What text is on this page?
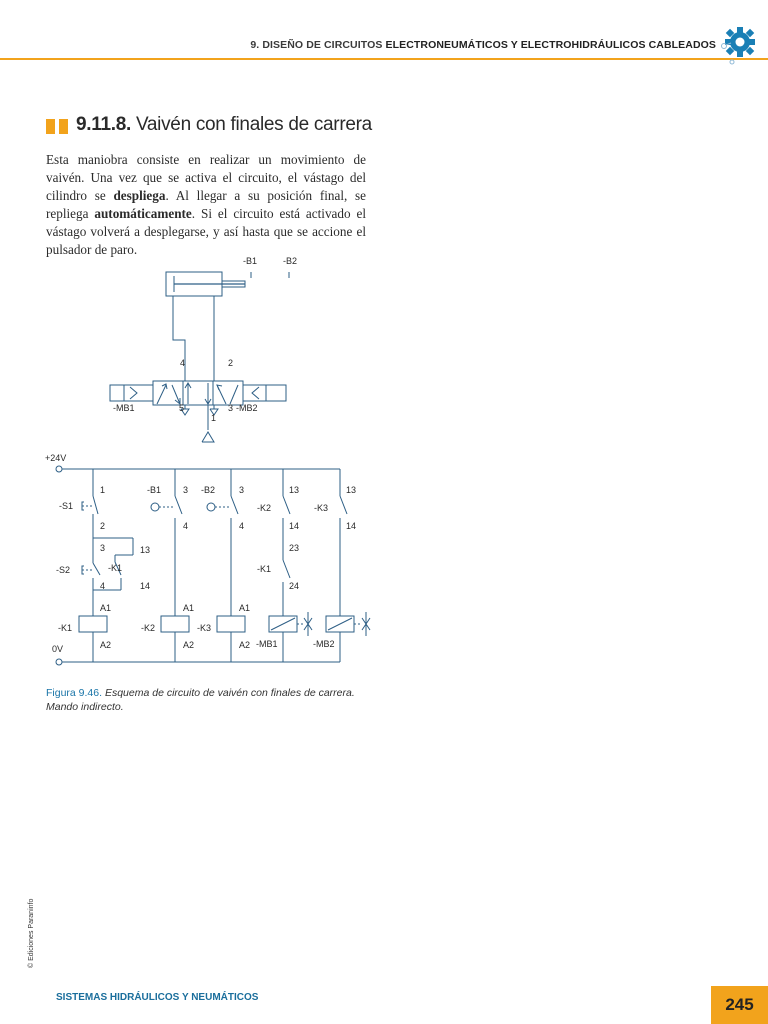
9. DISEÑO DE CIRCUITOS ELECTRONEUMÁTICOS Y ELECTROHIDRÁULICOS CABLEADOS
9.11.8. Vaivén con finales de carrera

Esta maniobra consiste en realizar un movimiento de vaivén. Una vez que se activa el circuito, el vástago del cilindro se despliega. Al llegar a su posición final, se repliega automáticamente. Si el circuito está activado el vástago volverá a desplegarse, y así hasta que se accione el pulsador de paro.

-B1	-B2
4	2
5	3
1
-MB1	-MB2
+24V
0V
-S1
-S2	-K1
1
2
3
4
13
14
-B1 3
4
-B2	3
4
-K2
13
14
23
-K1
24
-K3
13
14
A1
A2
-K1
A1
A2
-K2
A1
A2
-K3
-MB1	-MB2
Figura 9.46. Esquema de circuito de vaivén con finales de carrera. Mando indirecto.
© Ediciones Paraninfo
SISTEMAS HIDRÁULICOS Y NEUMÁTICOS	245
